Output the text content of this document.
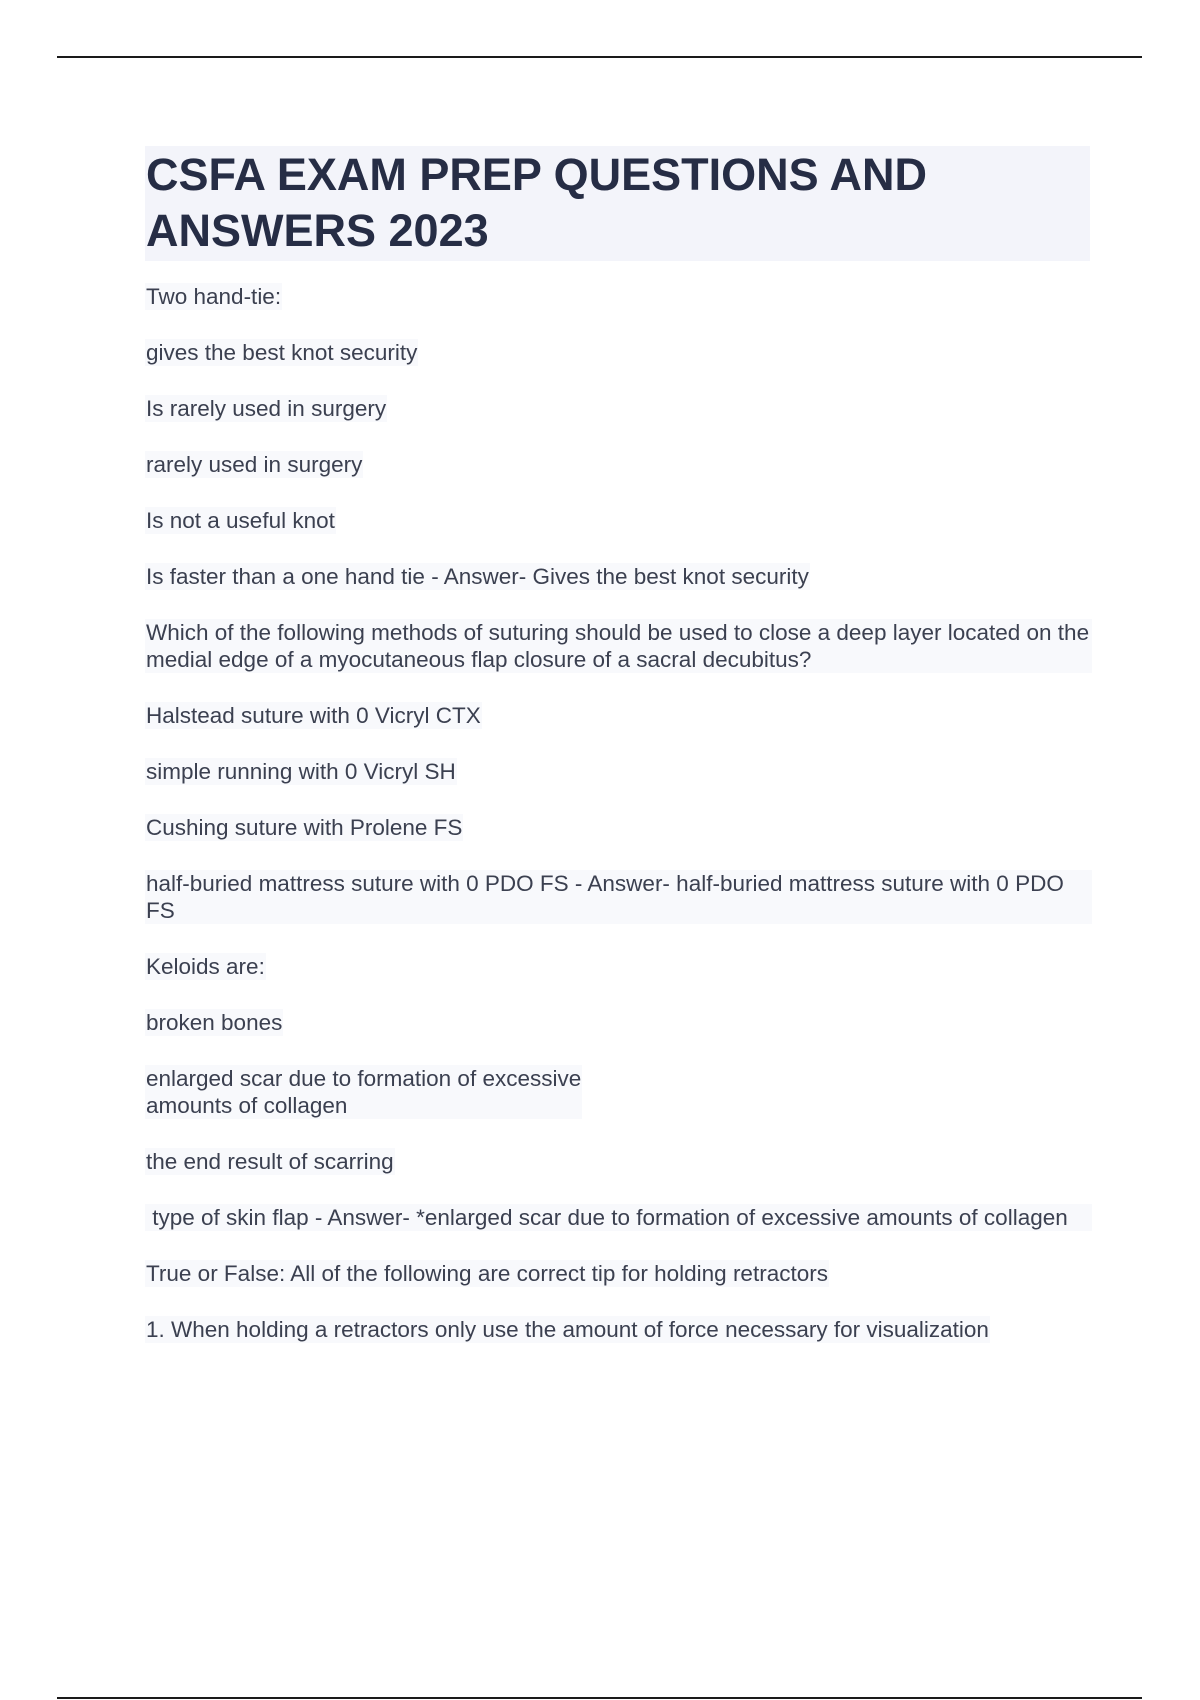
CSFA EXAM PREP QUESTIONS AND ANSWERS 2023

Two hand-tie:

gives the best knot security

Is rarely used in surgery

rarely used in surgery

Is not a useful knot

Is faster than a one hand tie - Answer- Gives the best knot security

Which of the following methods of suturing should be used to close a deep layer located on the medial edge of a myocutaneous flap closure of a sacral decubitus?

Halstead suture with 0 Vicryl CTX

simple running with 0 Vicryl SH

Cushing suture with Prolene FS

half-buried mattress suture with 0 PDO FS - Answer- half-buried mattress suture with 0 PDO FS

Keloids are:

broken bones

enlarged scar due to formation of excessive
amounts of collagen

the end result of scarring

type of skin flap - Answer- *enlarged scar due to formation of excessive amounts of collagen

True or False: All of the following are correct tip for holding retractors

1. When holding a retractors only use the amount of force necessary for visualization
